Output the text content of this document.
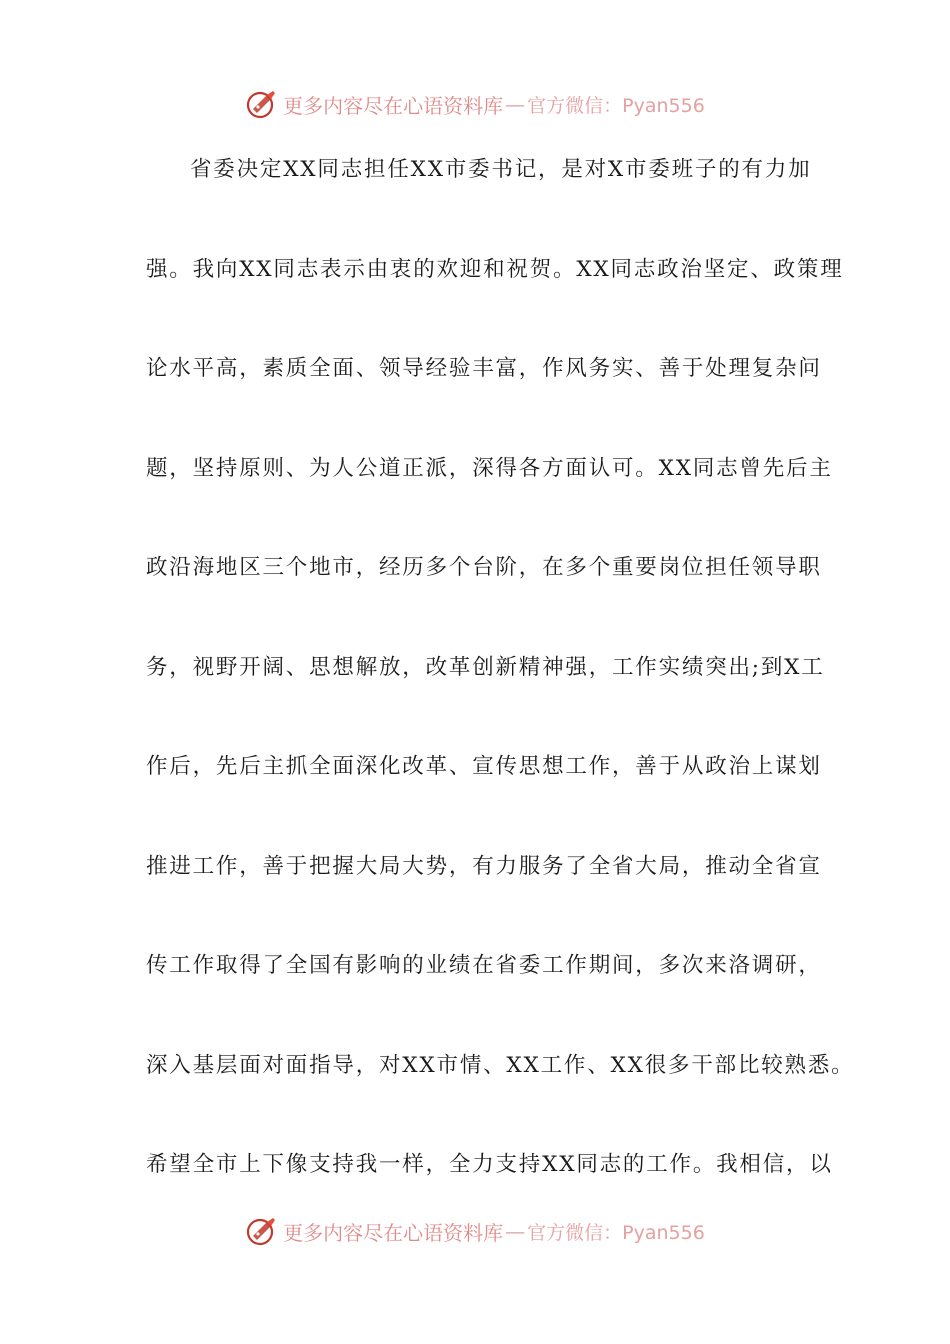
更多内容尽在心语资料库 — 官方微信：Pyan556
省委决定XX同志担任XX市委书记，是对X市委班子的有力加
强。我向XX同志表示由衷的欢迎和祝贺。XX同志政治坚定、政策理
论水平高，素质全面、领导经验丰富，作风务实、善于处理复杂问
题，坚持原则、为人公道正派，深得各方面认可。XX同志曾先后主
政沿海地区三个地市，经历多个台阶，在多个重要岗位担任领导职
务，视野开阔、思想解放，改革创新精神强，工作实绩突出;到X工
作后，先后主抓全面深化改革、宣传思想工作，善于从政治上谋划
推进工作，善于把握大局大势，有力服务了全省大局，推动全省宣
传工作取得了全国有影响的业绩在省委工作期间，多次来洛调研，
深入基层面对面指导，对XX市情、XX工作、XX很多干部比较熟悉。
希望全市上下像支持我一样，全力支持XX同志的工作。我相信，以
更多内容尽在心语资料库 — 官方微信：Pyan556
